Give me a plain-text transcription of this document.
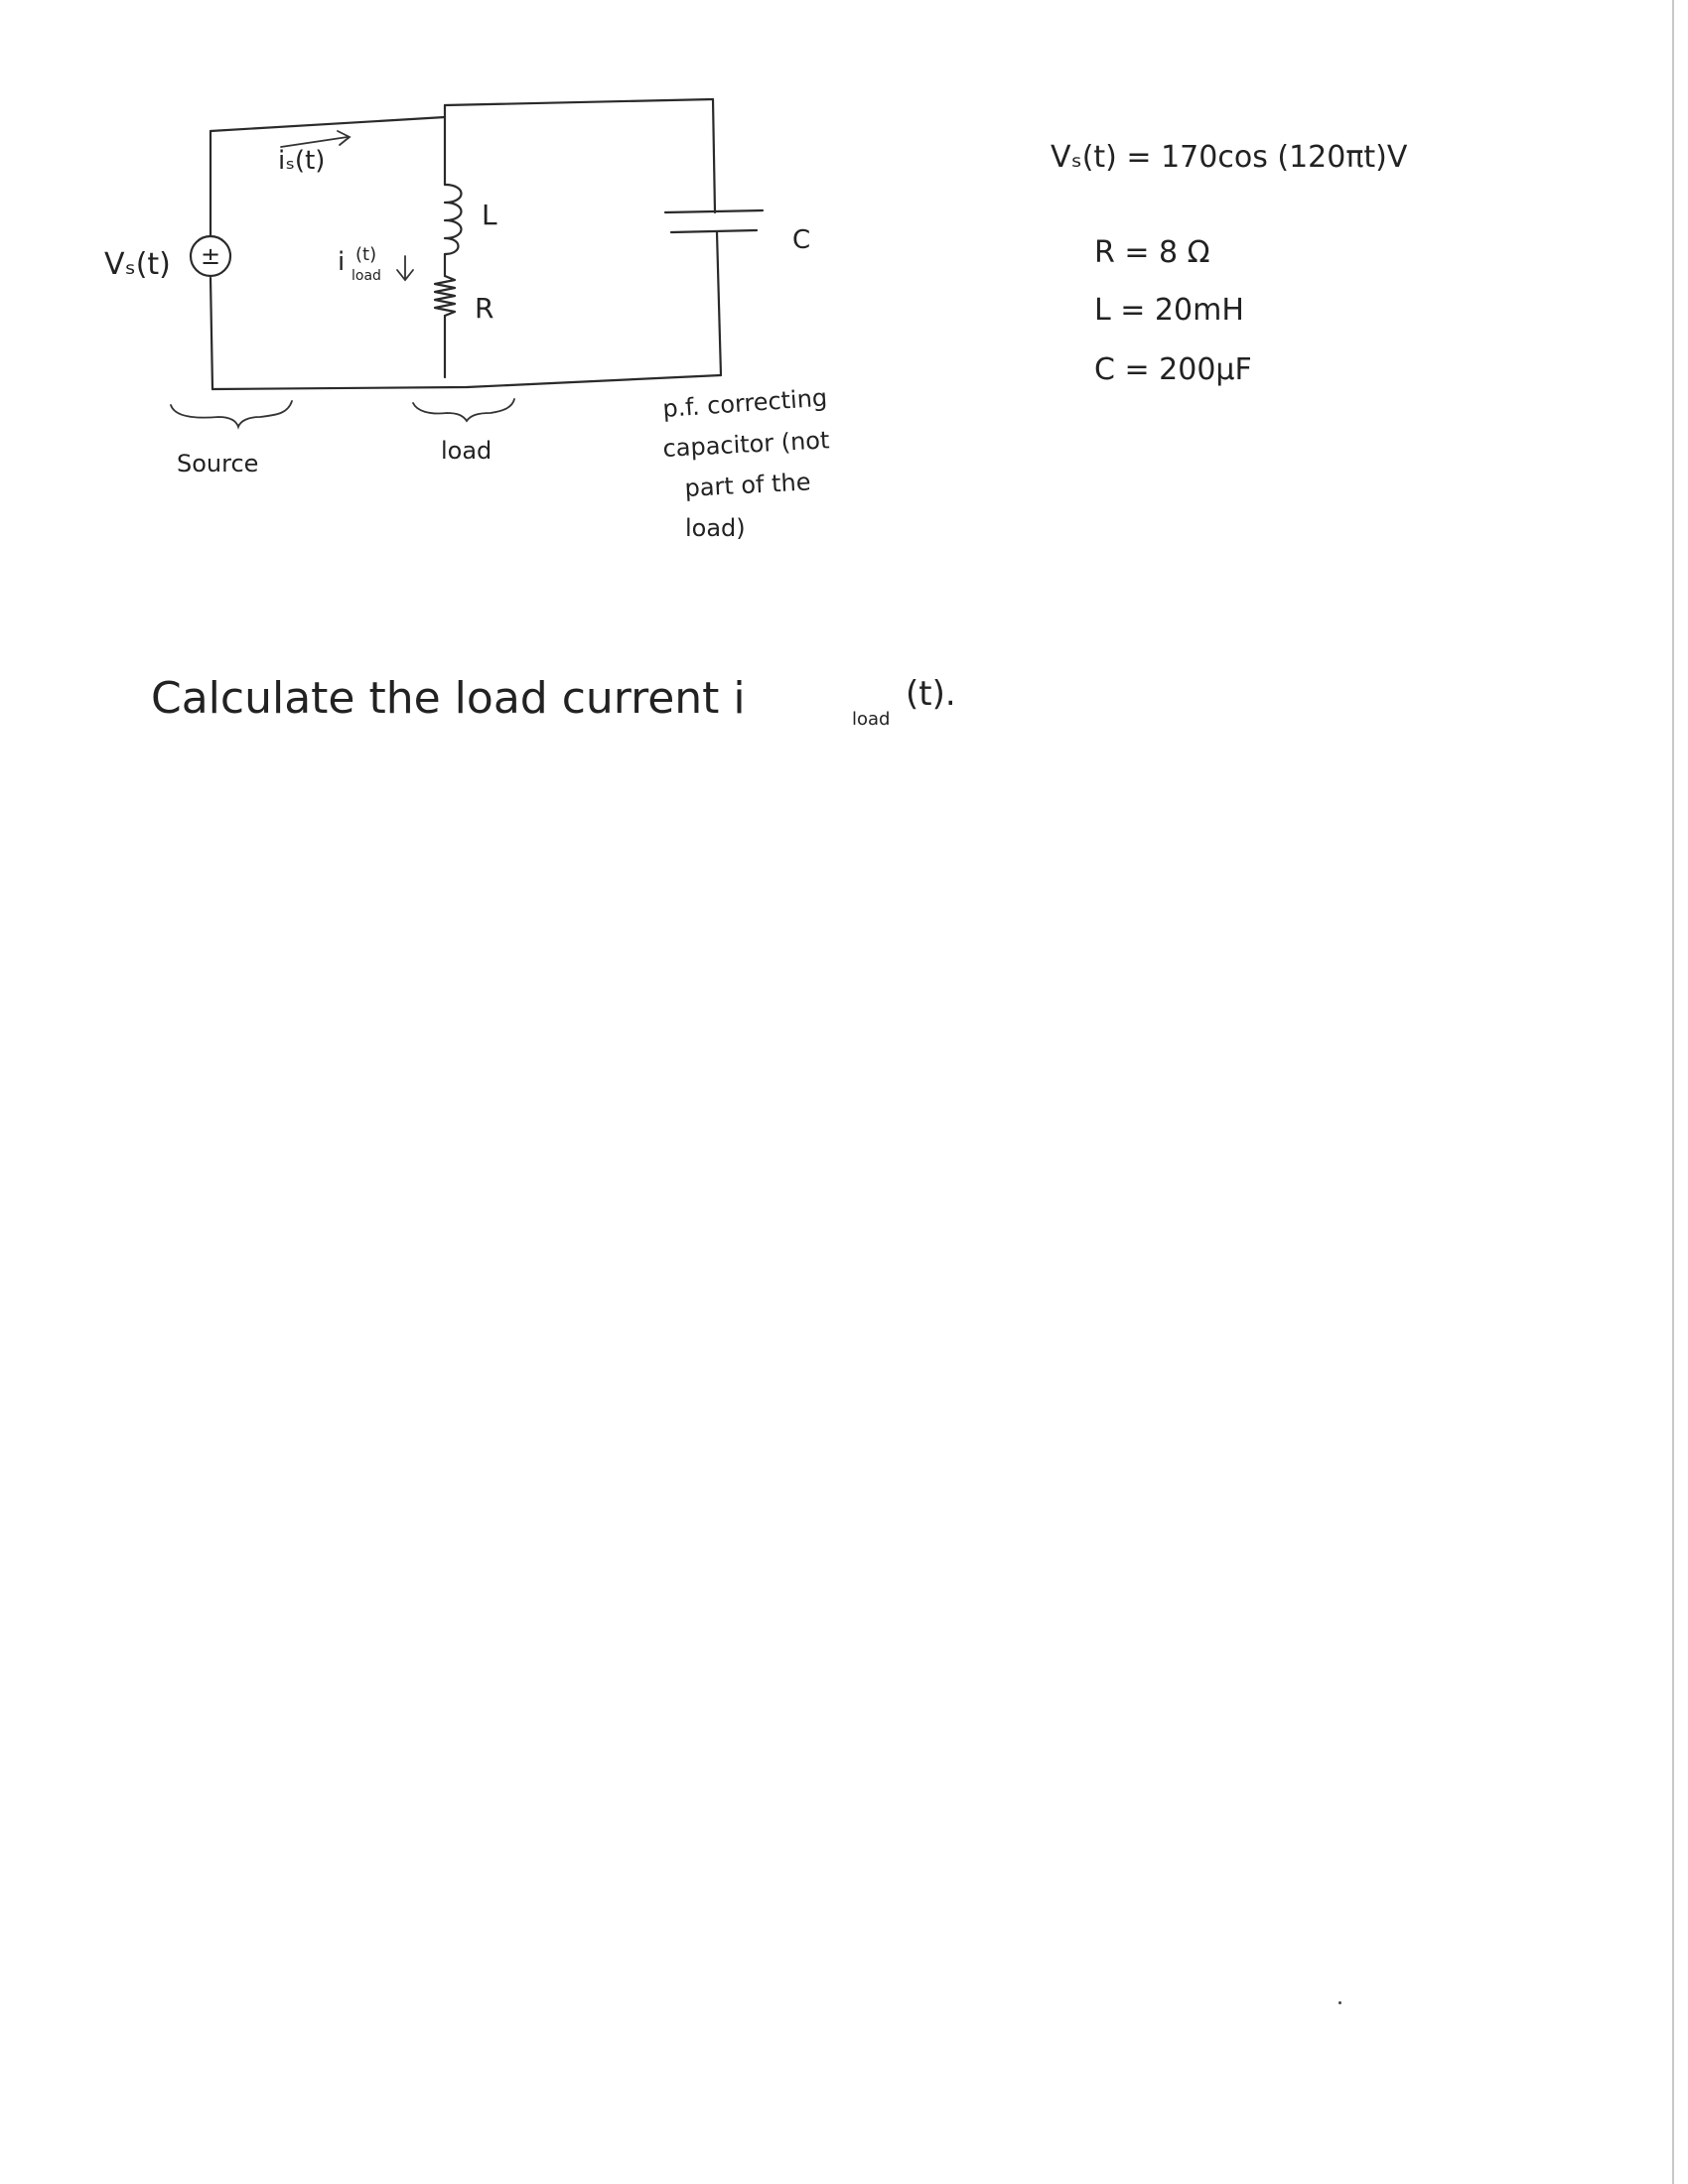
±
Vₛ(t)
iₛ(t)
i load
(t)
L
R
C
Source	load
p.f. correcting
capacitor (not
part of the
load)
Vₛ(t) = 170cos (120πt)V
R = 8 Ω
L = 20mH
C = 200μF
Calculate the load current i	load
(t).
